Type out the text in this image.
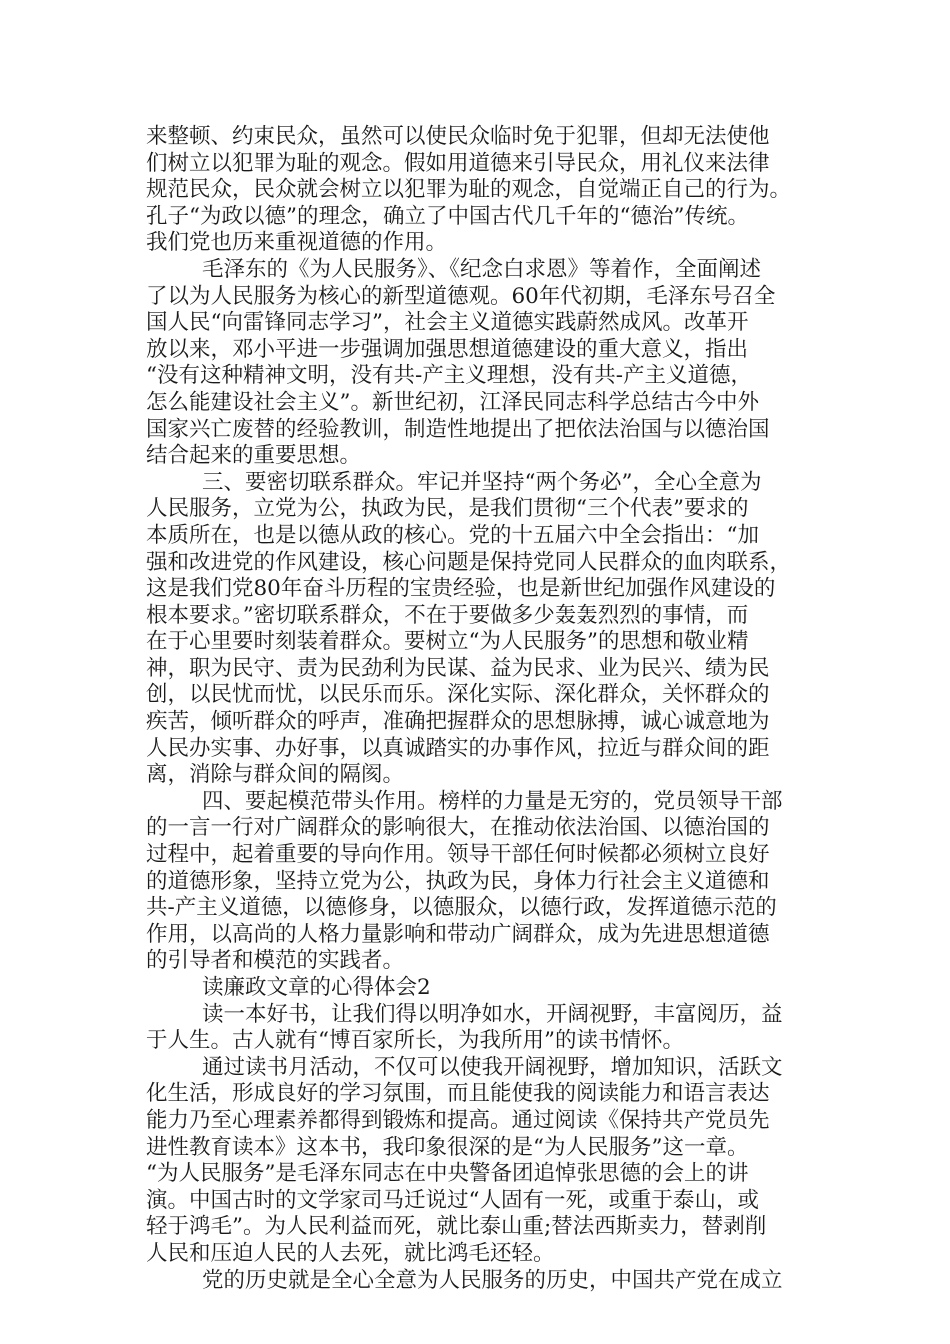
来整顿、约束民众，虽然可以使民众临时免于犯罪，但却无法使他
们树立以犯罪为耻的观念。假如用道德来引导民众，用礼仪来法律
规范民众，民众就会树立以犯罪为耻的观念，自觉端正自己的行为。
孔子“为政以德”的理念，确立了中国古代几千年的“德治”传统。
我们党也历来重视道德的作用。
毛泽东的《为人民服务》、《纪念白求恩》等着作，全面阐述
了以为人民服务为核心的新型道德观。60年代初期，毛泽东号召全
国人民“向雷锋同志学习”，社会主义道德实践蔚然成风。改革开
放以来，邓小平进一步强调加强思想道德建设的重大意义，指出
“没有这种精神文明，没有共-产主义理想，没有共-产主义道德，
怎么能建设社会主义”。新世纪初，江泽民同志科学总结古今中外
国家兴亡废替的经验教训，制造性地提出了把依法治国与以德治国
结合起来的重要思想。
三、要密切联系群众。牢记并坚持“两个务必”，全心全意为
人民服务，立党为公，执政为民，是我们贯彻“三个代表”要求的
本质所在，也是以德从政的核心。党的十五届六中全会指出：“加
强和改进党的作风建设，核心问题是保持党同人民群众的血肉联系，
这是我们党80年奋斗历程的宝贵经验，也是新世纪加强作风建设的
根本要求。”密切联系群众，不在于要做多少轰轰烈烈的事情，而
在于心里要时刻装着群众。要树立“为人民服务”的思想和敬业精
神，职为民守、责为民劲利为民谋、益为民求、业为民兴、绩为民
创，以民忧而忧，以民乐而乐。深化实际、深化群众，关怀群众的
疾苦，倾听群众的呼声，准确把握群众的思想脉搏，诚心诚意地为
人民办实事、办好事，以真诚踏实的办事作风，拉近与群众间的距
离，消除与群众间的隔阂。
四、要起模范带头作用。榜样的力量是无穷的，党员领导干部
的一言一行对广阔群众的影响很大，在推动依法治国、以德治国的
过程中，起着重要的导向作用。领导干部任何时候都必须树立良好
的道德形象，坚持立党为公，执政为民，身体力行社会主义道德和
共-产主义道德，以德修身，以德服众，以德行政，发挥道德示范的
作用，以高尚的人格力量影响和带动广阔群众，成为先进思想道德
的引导者和模范的实践者。
读廉政文章的心得体会2
读一本好书，让我们得以明净如水，开阔视野，丰富阅历，益
于人生。古人就有“博百家所长，为我所用”的读书情怀。
通过读书月活动，不仅可以使我开阔视野，增加知识，活跃文
化生活，形成良好的学习氛围，而且能使我的阅读能力和语言表达
能力乃至心理素养都得到锻炼和提高。通过阅读《保持共产党员先
进性教育读本》这本书，我印象很深的是“为人民服务”这一章。
“为人民服务”是毛泽东同志在中央警备团追悼张思德的会上的讲
演。中国古时的文学家司马迁说过“人固有一死，或重于泰山，或
轻于鸿毛”。为人民利益而死，就比泰山重;替法西斯卖力，替剥削
人民和压迫人民的人去死，就比鸿毛还轻。
党的历史就是全心全意为人民服务的历史，中国共产党在成立
